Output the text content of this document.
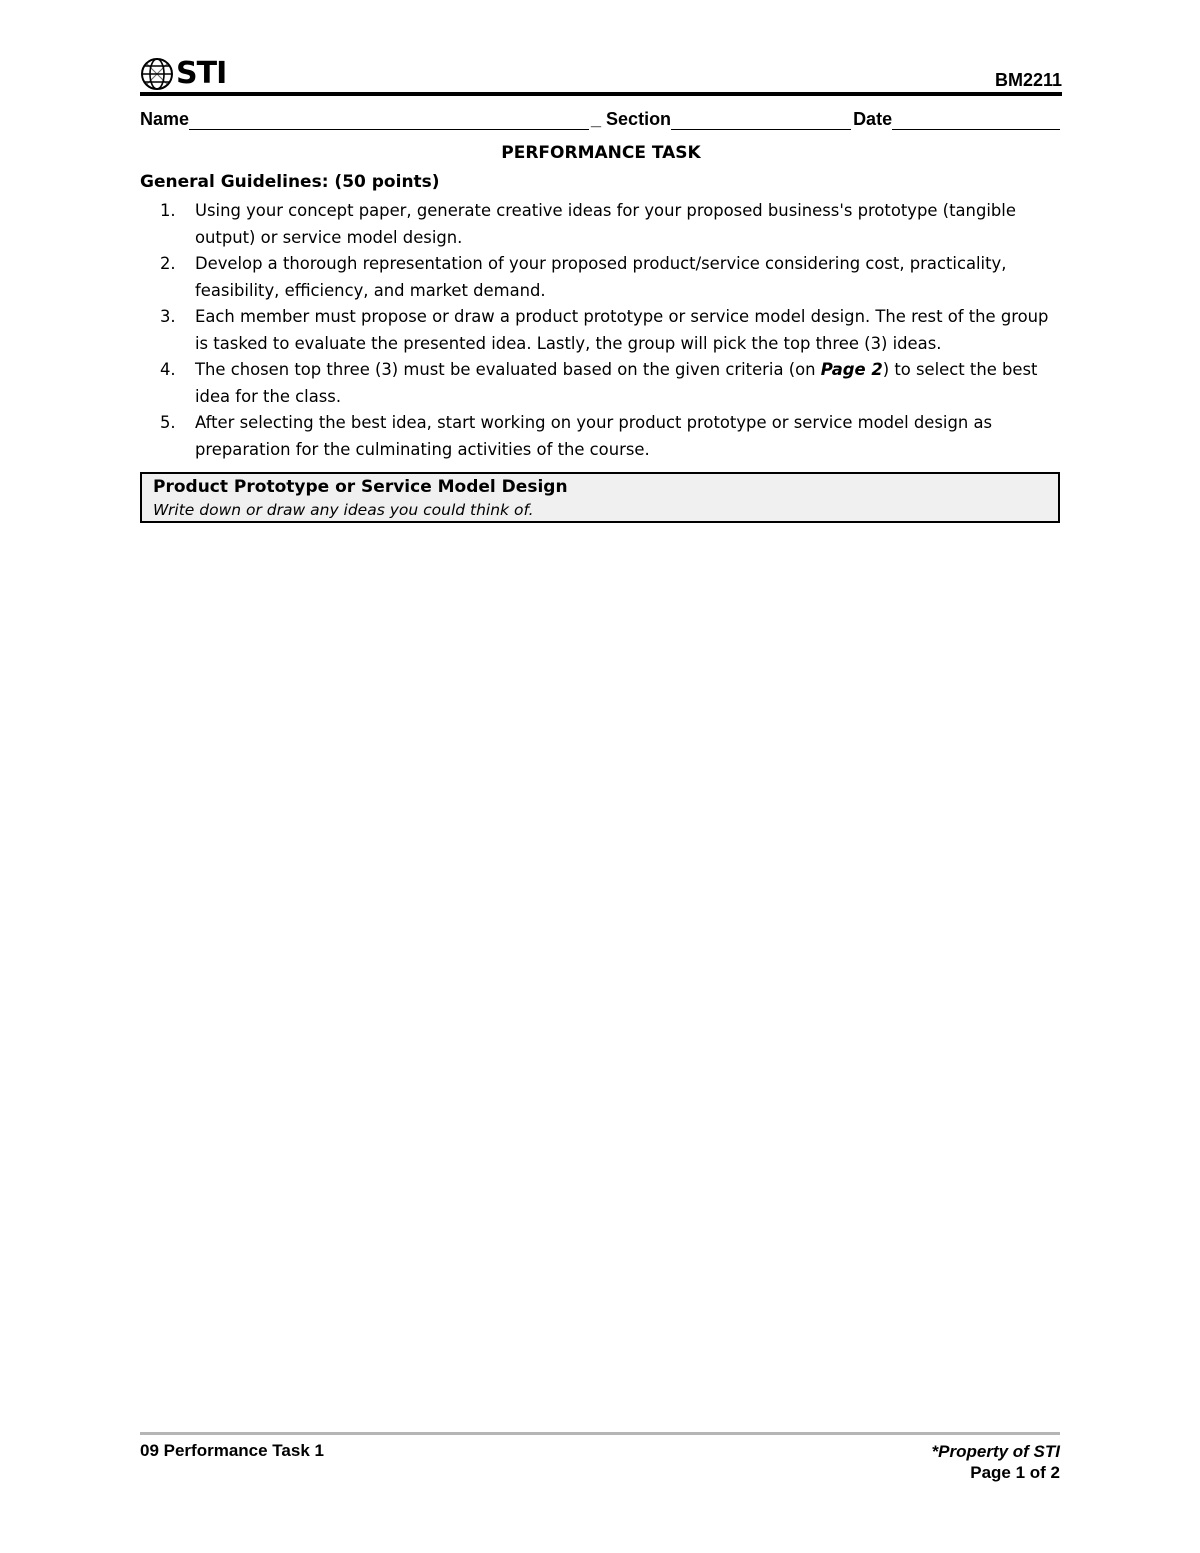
STI	BM2211
Name	_ Section	Date
PERFORMANCE TASK
General Guidelines: (50 points)
1. Using your concept paper, generate creative ideas for your proposed business's prototype (tangible output) or service model design.
2. Develop a thorough representation of your proposed product/service considering cost, practicality, feasibility, efficiency, and market demand.
3. Each member must propose or draw a product prototype or service model design. The rest of the group is tasked to evaluate the presented idea. Lastly, the group will pick the top three (3) ideas.
4. The chosen top three (3) must be evaluated based on the given criteria (on Page 2) to select the best idea for the class.
5. After selecting the best idea, start working on your product prototype or service model design as preparation for the culminating activities of the course.
Product Prototype or Service Model Design
Write down or draw any ideas you could think of.
09 Performance Task 1	*Property of STI
Page 1 of 2
